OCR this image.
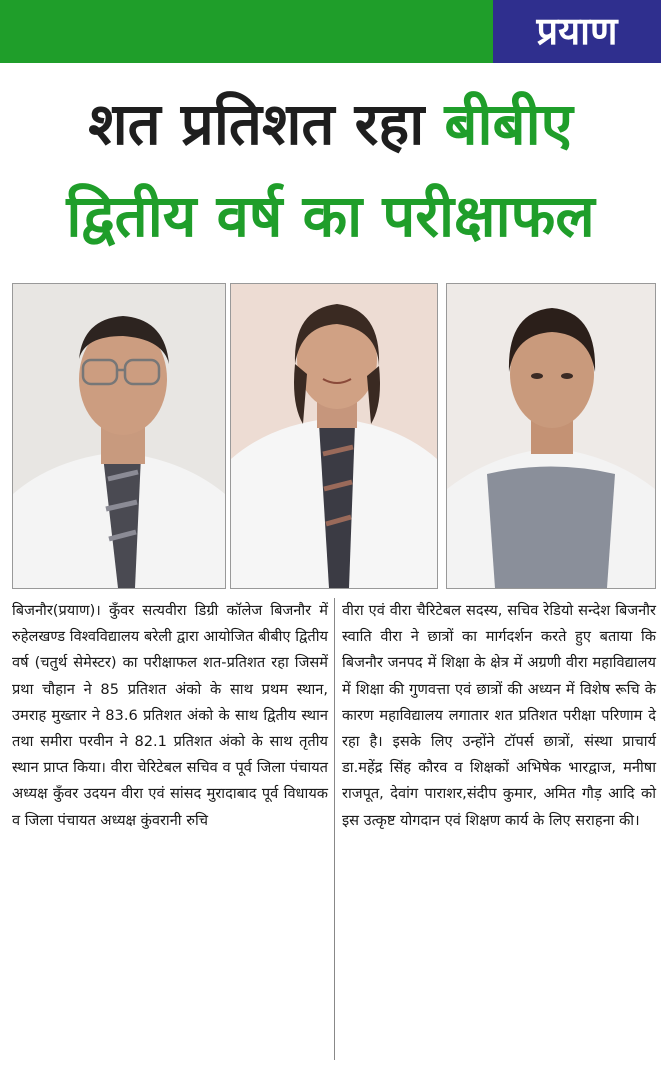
प्रयाण
शत प्रतिशत रहा बीबीए
द्वितीय वर्ष का परीक्षाफल
बिजनौर(प्रयाण)। कुँवर सत्यवीरा डिग्री कॉलेज बिजनौर में रुहेलखण्ड विश्वविद्यालय बरेली द्वारा आयोजित बीबीए द्वितीय वर्ष (चतुर्थ सेमेस्टर) का परीक्षाफल शत-प्रतिशत रहा जिसमें प्रथा चौहान ने 85 प्रतिशत अंको के साथ प्रथम स्थान, उमराह मुख्तार ने 83.6 प्रतिशत अंको के साथ द्वितीय स्थान तथा समीरा परवीन ने 82.1 प्रतिशत अंको के साथ तृतीय स्थान प्राप्त किया। वीरा चेरिटेबल सचिव व पूर्व जिला पंचायत अध्यक्ष कुँवर उदयन वीरा एवं सांसद मुरादाबाद पूर्व विधायक व जिला पंचायत अध्यक्ष कुंवरानी रुचि
वीरा एवं वीरा चैरिटेबल सदस्य, सचिव रेडियो सन्देश बिजनौर स्वाति वीरा ने छात्रों का मार्गदर्शन करते हुए बताया कि बिजनौर जनपद में शिक्षा के क्षेत्र में अग्रणी वीरा महाविद्यालय में शिक्षा की गुणवत्ता एवं छात्रों की अध्यन में विशेष रूचि के कारण महाविद्यालय लगातार शत प्रतिशत परीक्षा परिणाम दे रहा है। इसके लिए उन्होंने टॉपर्स छात्रों, संस्था प्राचार्य डा.महेंद्र सिंह कौरव व शिक्षकों अभिषेक भारद्वाज, मनीषा राजपूत, देवांग पाराशर,संदीप कुमार, अमित गौड़ आदि को इस उत्कृष्ट योगदान एवं शिक्षण कार्य के लिए सराहना की।
